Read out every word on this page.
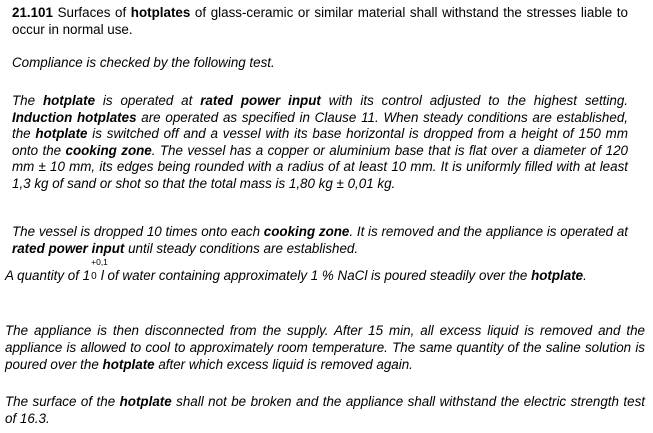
21.101 Surfaces of hotplates of glass-ceramic or similar material shall withstand the stresses liable to occur in normal use.

Compliance is checked by the following test.

The hotplate is operated at rated power input with its control adjusted to the highest setting. Induction hotplates are operated as specified in Clause 11. When steady conditions are established, the hotplate is switched off and a vessel with its base horizontal is dropped from a height of 150 mm onto the cooking zone. The vessel has a copper or aluminium base that is flat over a diameter of 120 mm ± 10 mm, its edges being rounded with a radius of at least 10 mm. It is uniformly filled with at least 1,3 kg of sand or shot so that the total mass is 1,80 kg ± 0,01 kg.

The vessel is dropped 10 times onto each cooking zone. It is removed and the appliance is operated at rated power input until steady conditions are established.

A quantity of 1
+0,1
0 l of water containing approximately 1 % NaCl is poured steadily over the hotplate.

The appliance is then disconnected from the supply. After 15 min, all excess liquid is removed and the appliance is allowed to cool to approximately room temperature. The same quantity of the saline solution is poured over the hotplate after which excess liquid is removed again.

The surface of the hotplate shall not be broken and the appliance shall withstand the electric strength test of 16.3.
